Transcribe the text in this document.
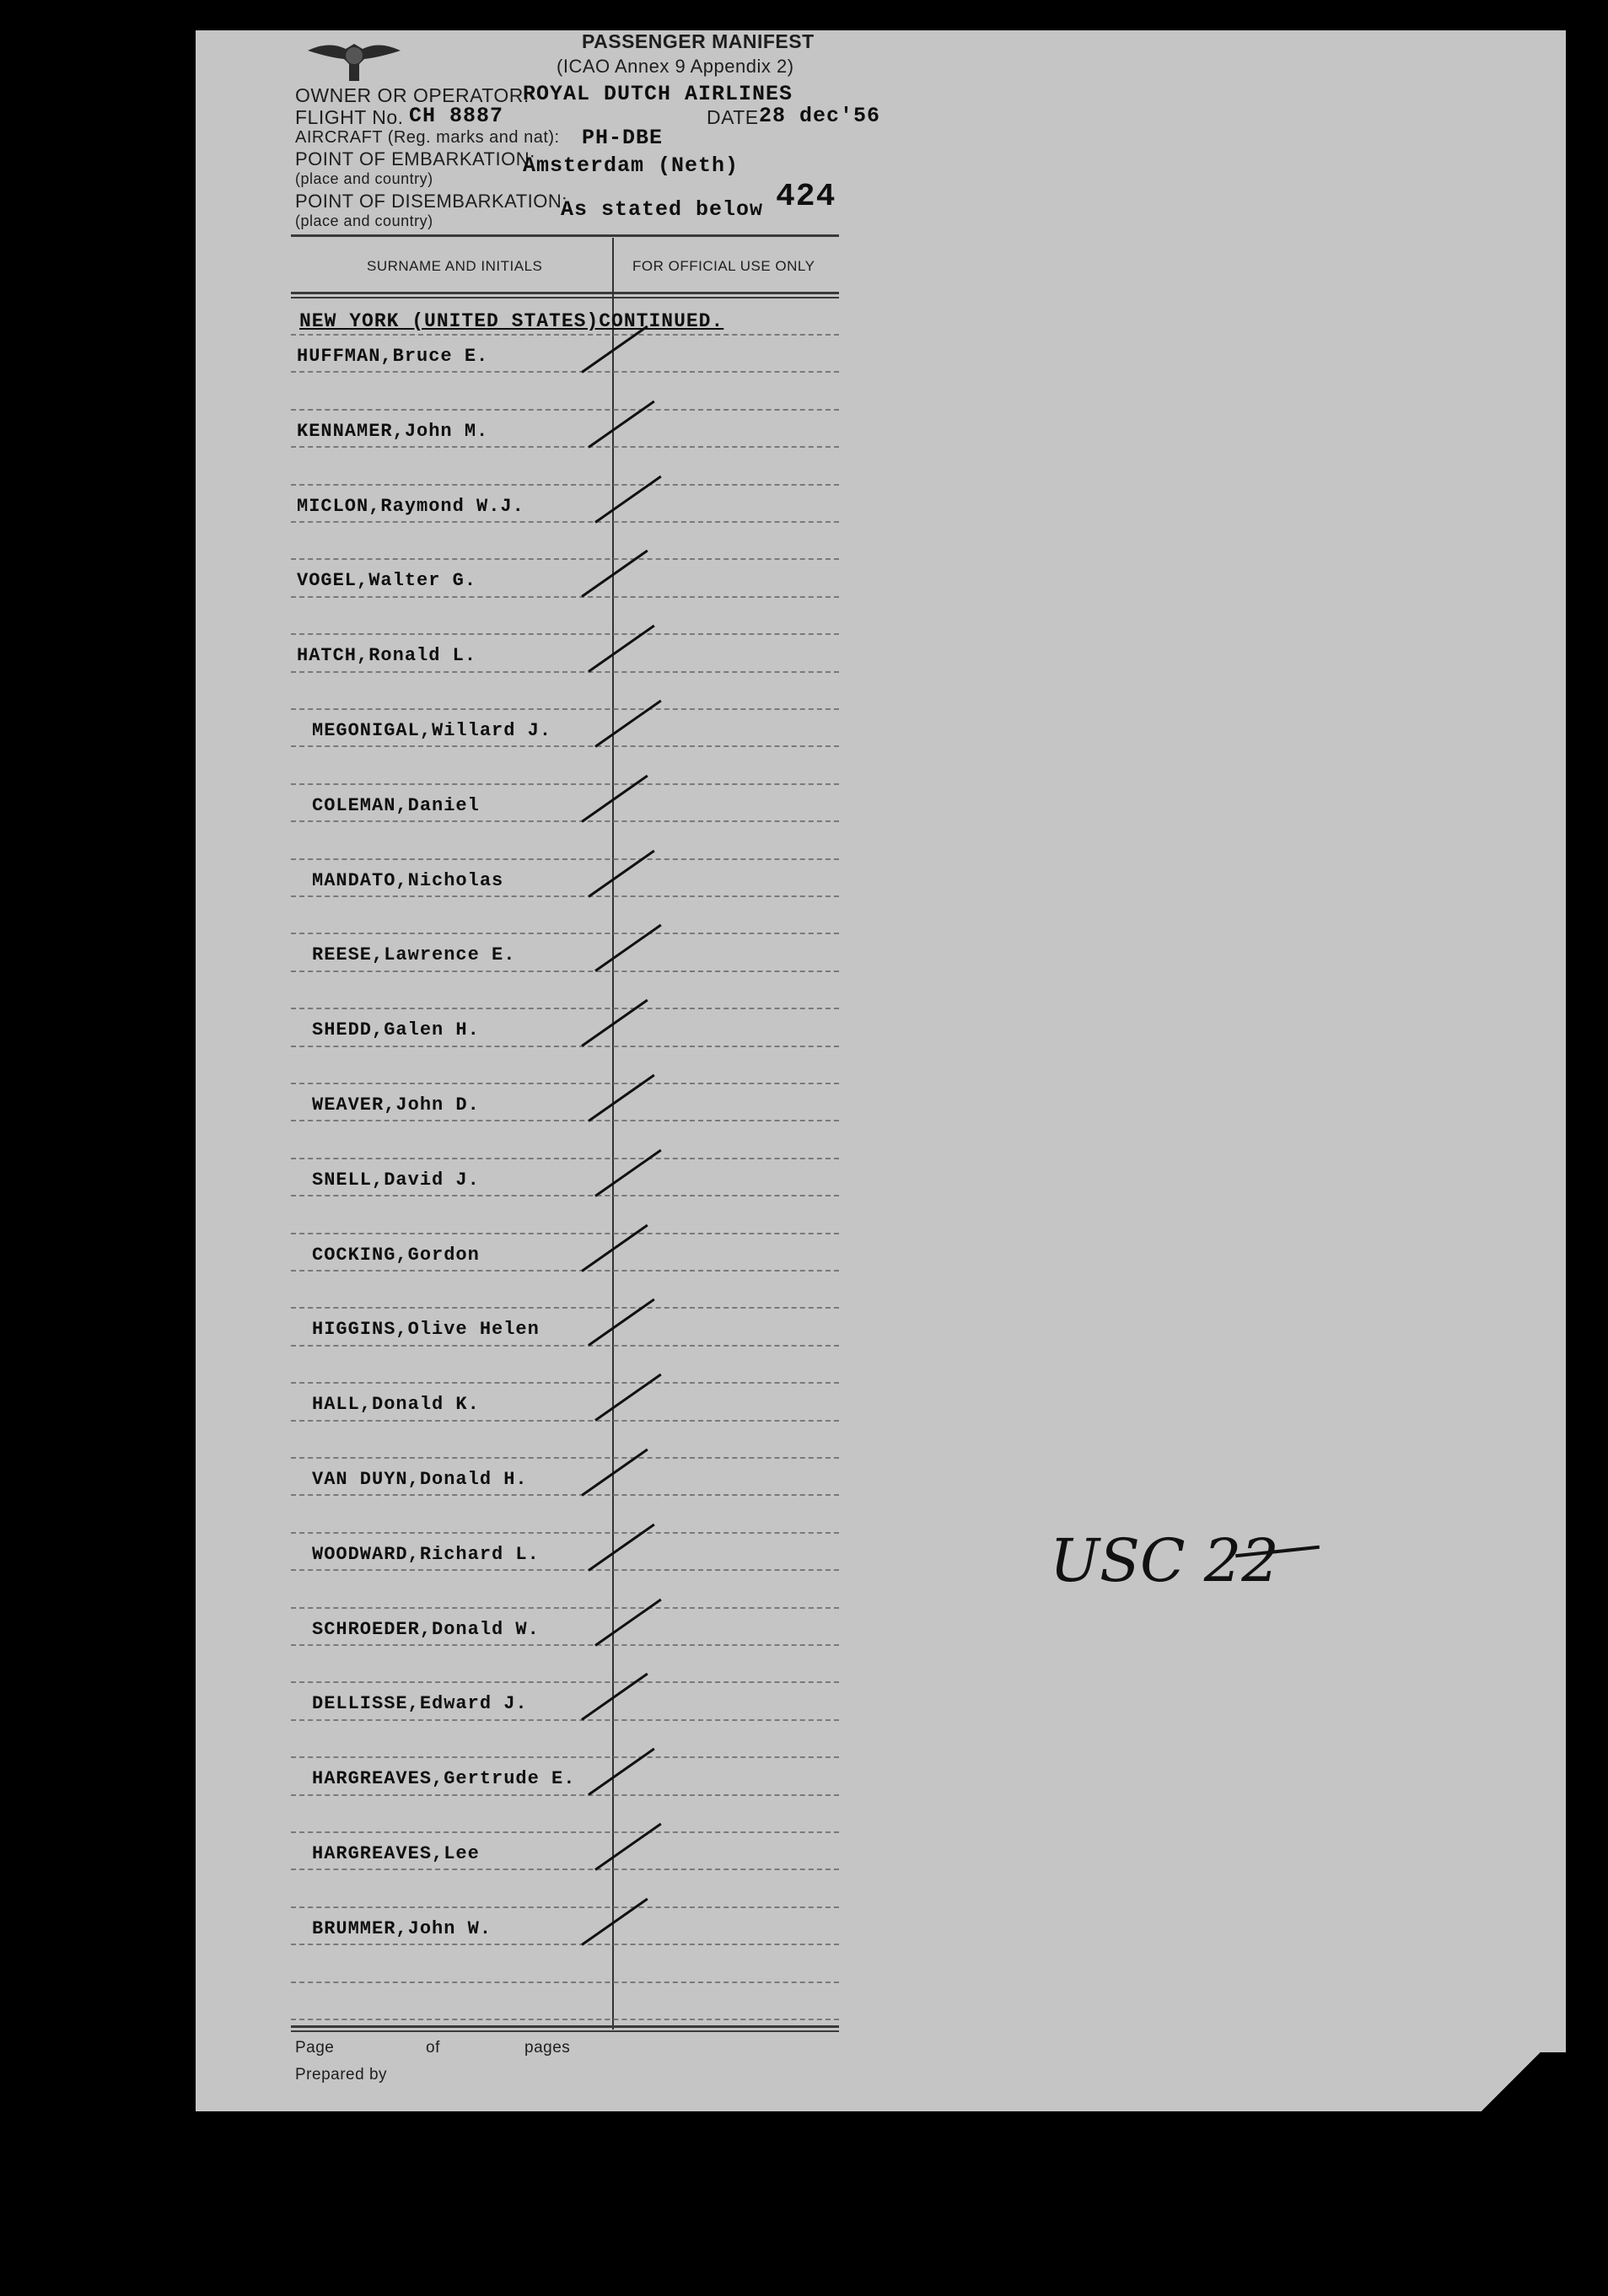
PASSENGER MANIFEST
(ICAO Annex 9 Appendix 2)
OWNER OR OPERATOR:
ROYAL DUTCH AIRLINES
FLIGHT No. CH 8887	DATE 28 dec'56
AIRCRAFT (Reg. marks and nat): PH-DBE
POINT OF EMBARKATION:
(place and country)
Amsterdam (Neth)
POINT OF DISEMBARKATION:
(place and country)	As stated below 424
SURNAME AND INITIALS	FOR OFFICIAL USE ONLY
NEW YORK (UNITED STATES)CONTINUED.
HUFFMAN,Bruce E.
KENNAMER,John M.
MICLON,Raymond W.J.
VOGEL,Walter G.
HATCH,Ronald L.
MEGONIGAL,Willard J.
COLEMAN,Daniel
MANDATO,Nicholas
REESE,Lawrence E.
SHEDD,Galen H.
WEAVER,John D.
SNELL,David J.
COCKING,Gordon
HIGGINS,Olive Helen
HALL,Donald K.
VAN DUYN,Donald H.
WOODWARD,Richard L.
SCHROEDER,Donald W.
DELLISSE,Edward J.
HARGREAVES,Gertrude E.
HARGREAVES,Lee
BRUMMER,John W.
Page	of	pages
Prepared by
USC 22
